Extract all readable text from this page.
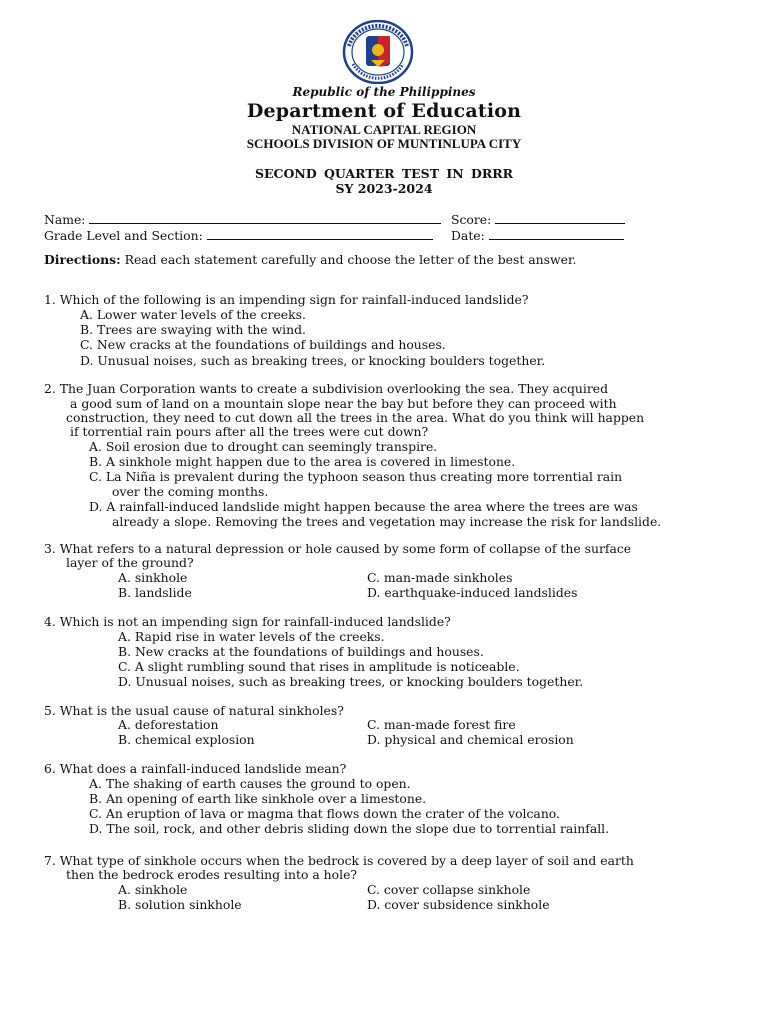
Republic of the Philippines
Department of Education
NATIONAL CAPITAL REGION
SCHOOLS DIVISION OF MUNTINLUPA CITY
SECOND QUARTER TEST IN DRRR
SY 2023-2024
Name:	Score:
Grade Level and Section:	Date:
Directions: Read each statement carefully and choose the letter of the best answer.
1. Which of the following is an impending sign for rainfall-induced landslide?
A. Lower water levels of the creeks.
B. Trees are swaying with the wind.
C. New cracks at the foundations of buildings and houses.
D. Unusual noises, such as breaking trees, or knocking boulders together.
2. The Juan Corporation wants to create a subdivision overlooking the sea. They acquired
a good sum of land on a mountain slope near the bay but before they can proceed with
construction, they need to cut down all the trees in the area. What do you think will happen
if torrential rain pours after all the trees were cut down?
A. Soil erosion due to drought can seemingly transpire.
B. A sinkhole might happen due to the area is covered in limestone.
C. La Niña is prevalent during the typhoon season thus creating more torrential rain
over the coming months.
D. A rainfall-induced landslide might happen because the area where the trees are was
already a slope. Removing the trees and vegetation may increase the risk for landslide.
3. What refers to a natural depression or hole caused by some form of collapse of the surface
layer of the ground?
A. sinkhole
B. landslide
C. man-made sinkholes
D. earthquake-induced landslides
4. Which is not an impending sign for rainfall-induced landslide?
A. Rapid rise in water levels of the creeks.
B. New cracks at the foundations of buildings and houses.
C. A slight rumbling sound that rises in amplitude is noticeable.
D. Unusual noises, such as breaking trees, or knocking boulders together.
5. What is the usual cause of natural sinkholes?
A. deforestation
B. chemical explosion
C. man-made forest fire
D. physical and chemical erosion
6. What does a rainfall-induced landslide mean?
A. The shaking of earth causes the ground to open.
B. An opening of earth like sinkhole over a limestone.
C. An eruption of lava or magma that flows down the crater of the volcano.
D. The soil, rock, and other debris sliding down the slope due to torrential rainfall.
7. What type of sinkhole occurs when the bedrock is covered by a deep layer of soil and earth
then the bedrock erodes resulting into a hole?
A. sinkhole
B. solution sinkhole
C. cover collapse sinkhole
D. cover subsidence sinkhole
